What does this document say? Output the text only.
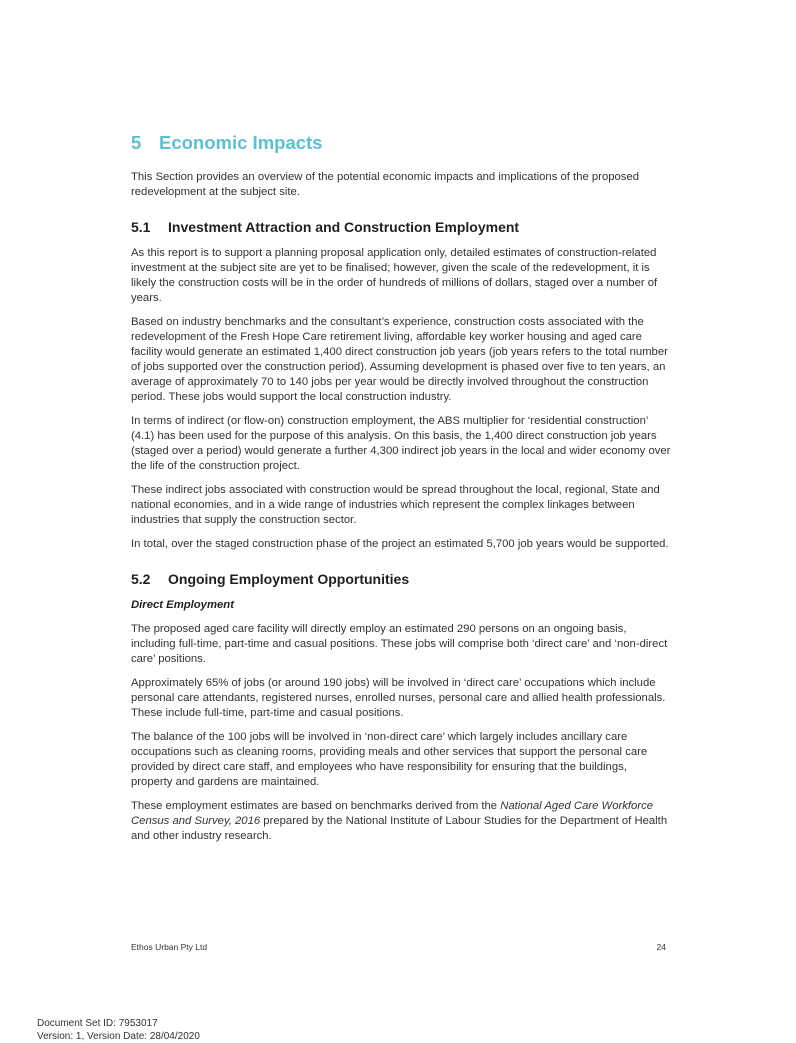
5 Economic Impacts

This Section provides an overview of the potential economic impacts and implications of the proposed redevelopment at the subject site.

5.1 Investment Attraction and Construction Employment

As this report is to support a planning proposal application only, detailed estimates of construction-related investment at the subject site are yet to be finalised; however, given the scale of the redevelopment, it is likely the construction costs will be in the order of hundreds of millions of dollars, staged over a number of years.

Based on industry benchmarks and the consultant’s experience, construction costs associated with the redevelopment of the Fresh Hope Care retirement living, affordable key worker housing and aged care facility would generate an estimated 1,400 direct construction job years (job years refers to the total number of jobs supported over the construction period). Assuming development is phased over five to ten years, an average of approximately 70 to 140 jobs per year would be directly involved throughout the construction period. These jobs would support the local construction industry.

In terms of indirect (or flow-on) construction employment, the ABS multiplier for ‘residential construction’ (4.1) has been used for the purpose of this analysis. On this basis, the 1,400 direct construction job years (staged over a period) would generate a further 4,300 indirect job years in the local and wider economy over the life of the construction project.

These indirect jobs associated with construction would be spread throughout the local, regional, State and national economies, and in a wide range of industries which represent the complex linkages between industries that supply the construction sector.

In total, over the staged construction phase of the project an estimated 5,700 job years would be supported.

5.2 Ongoing Employment Opportunities
Direct Employment

The proposed aged care facility will directly employ an estimated 290 persons on an ongoing basis, including full-time, part-time and casual positions. These jobs will comprise both ‘direct care’ and ‘non-direct care’ positions.

Approximately 65% of jobs (or around 190 jobs) will be involved in ‘direct care’ occupations which include personal care attendants, registered nurses, enrolled nurses, personal care and allied health professionals. These include full-time, part-time and casual positions.

The balance of the 100 jobs will be involved in ‘non-direct care’ which largely includes ancillary care occupations such as cleaning rooms, providing meals and other services that support the personal care provided by direct care staff, and employees who have responsibility for ensuring that the buildings, property and gardens are maintained.

These employment estimates are based on benchmarks derived from the National Aged Care Workforce Census and Survey, 2016 prepared by the National Institute of Labour Studies for the Department of Health and other industry research.

Ethos Urban Pty Ltd	24
Document Set ID: 7953017
Version: 1, Version Date: 28/04/2020
